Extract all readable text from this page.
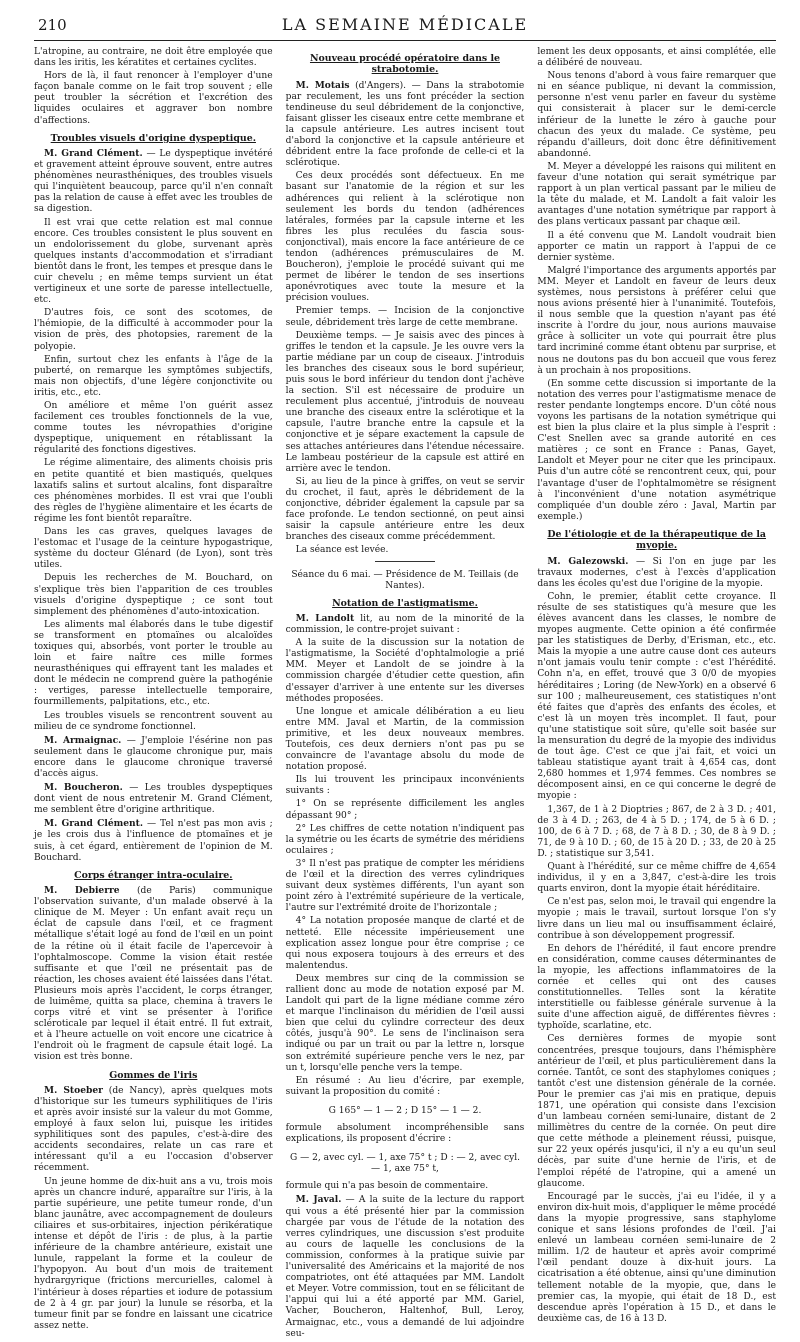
210	LA SEMAINE MÉDICALE

L'atropine, au contraire, ne doit être employée que dans les iritis, les kératites et certaines cyclites.

Hors de là, il faut renoncer à l'employer d'une façon banale comme on le fait trop souvent ; elle peut troubler la sécrétion et l'excrétion des liquides oculaires et aggraver bon nombre d'affections.

Troubles visuels d'origine dyspeptique.

M. Grand Clément. — Le dyspeptique invétéré et gravement atteint éprouve souvent, entre autres phénomènes neurasthéniques, des troubles visuels qui l'inquiètent beaucoup, parce qu'il n'en connaît pas la relation de cause à effet avec les troubles de sa digestion.

Il est vrai que cette relation est mal connue encore. Ces troubles consistent le plus souvent en un endolorissement du globe, survenant après quelques instants d'accommodation et s'irradiant bientôt dans le front, les tempes et presque dans le cuir chevelu ; en même temps survient un état vertigineux et une sorte de paresse intellectuelle, etc.

D'autres fois, ce sont des scotomes, de l'hémiopie, de la difficulté à accommoder pour la vision de près, des photopsies, rarement de la polyopie.

Enfin, surtout chez les enfants à l'âge de la puberté, on remarque les symptômes subjectifs, mais non objectifs, d'une légère conjonctivite ou iritis, etc., etc.

On améliore et même l'on guérit assez facilement ces troubles fonctionnels de la vue, comme toutes les névropathies d'origine dyspeptique, uniquement en rétablissant la régularité des fonctions digestives.

Le régime alimentaire, des aliments choisis pris en petite quantité et bien mastiqués, quelques laxatifs salins et surtout alcalins, font disparaître ces phénomènes morbides. Il est vrai que l'oubli des règles de l'hygiène alimentaire et les écarts de régime les font bientôt reparaître.

Dans les cas graves, quelques lavages de l'estomac et l'usage de la ceinture hypogastrique, système du docteur Glénard (de Lyon), sont très utiles.

Depuis les recherches de M. Bouchard, on s'explique très bien l'apparition de ces troubles visuels d'origine dyspeptique ; ce sont tout simplement des phénomènes d'auto-intoxication.

Les aliments mal élaborés dans le tube digestif se transforment en ptomaïnes ou alcaloïdes toxiques qui, absorbés, vont porter le trouble au loin et faire naître ces mille formes neurasthéniques qui effrayent tant les malades et dont le médecin ne comprend guère la pathogénie : vertiges, paresse intellectuelle temporaire, fourmillements, palpitations, etc., etc.

Les troubles visuels se rencontrent souvent au milieu de ce syndrome fonctionnel.

M. Armaignac. — J'emploie l'ésérine non pas seulement dans le glaucome chronique pur, mais encore dans le glaucome chronique traversé d'accès aigus.

M. Boucheron. — Les troubles dyspeptiques dont vient de nous entretenir M. Grand Clément, me semblent être d'origine arthritique.

M. Grand Clément. — Tel n'est pas mon avis ; je les crois dus à l'influence de ptomaïnes et je suis, à cet égard, entièrement de l'opinion de M. Bouchard.

Corps étranger intra-oculaire.

M. Debierre (de Paris) communique l'observation suivante, d'un malade observé à la clinique de M. Meyer : Un enfant avait reçu un éclat de capsule dans l'œil, et ce fragment métallique s'était logé au fond de l'œil en un point de la rétine où il était facile de l'apercevoir à l'ophtalmoscope. Comme la vision était restée suffisante et que l'œil ne présentait pas de réaction, les choses avaient été laissées dans l'état. Plusieurs mois après l'accident, le corps étranger, de luimême, quitta sa place, chemina à travers le corps vitré et vint se présenter à l'orifice scléroticale par lequel il était entré. Il fut extrait, et à l'heure actuelle on voit encore une cicatrice à l'endroit où le fragment de capsule était logé. La vision est très bonne.

Gommes de l'iris

M. Stoeber (de Nancy), après quelques mots d'historique sur les tumeurs syphilitiques de l'iris et après avoir insisté sur la valeur du mot Gomme, employé à faux selon lui, puisque les iritides syphilitiques sont des papules, c'est-à-dire des accidents secondaires, relate un cas rare et intéressant qu'il a eu l'occasion d'observer récemment.

Un jeune homme de dix-huit ans a vu, trois mois après un chancre induré, apparaître sur l'iris, à la partie supérieure, une petite tumeur ronde, d'un blanc jaunâtre, avec accompagnement de douleurs ciliaires et sus-orbitaires, injection périkératique intense et dépôt de l'iris : de plus, à la partie inférieure de la chambre antérieure, existait une lunule, rappelant la forme et la couleur de l'hypopyon. Au bout d'un mois de traitement hydrargyrique (frictions mercurielles, calomel à l'intérieur à doses réparties et iodure de potassium de 2 à 4 gr. par jour) la lunule se résorba, et la tumeur finit par se fondre en laissant une cicatrice assez nette.

Nouveau procédé opératoire dans le strabotomie.

M. Motais (d'Angers). — Dans la strabotomie par reculement, les uns font précéder la section tendineuse du seul débridement de la conjonctive, faisant glisser les ciseaux entre cette membrane et la capsule antérieure. Les autres incisent tout d'abord la conjonctive et la capsule antérieure et débrident entre la face profonde de celle-ci et la sclérotique.

Ces deux procédés sont défectueux. En me basant sur l'anatomie de la région et sur les adhérences qui relient à la sclérotique non seulement les bords du tendon (adhérences latérales, formées par la capsule interne et les fibres les plus reculées du fascia sous-conjonctival), mais encore la face antérieure de ce tendon (adhérences prémusculaires de M. Boucheron), j'emploie le procédé suivant qui me permet de libérer le tendon de ses insertions aponévrotiques avec toute la mesure et la précision voulues.

Premier temps. — Incision de la conjonctive seule, débridement très large de cette membrane.

Deuxième temps. — Je saisis avec des pinces à griffes le tendon et la capsule. Je les ouvre vers la partie médiane par un coup de ciseaux. J'introduis les branches des ciseaux sous le bord supérieur, puis sous le bord inférieur du tendon dont j'achève la section. S'il est nécessaire de produire un reculement plus accentué, j'introduis de nouveau une branche des ciseaux entre la sclérotique et la capsule, l'autre branche entre la capsule et la conjonctive et je sépare exactement la capsule de ses attaches antérieures dans l'étendue nécessaire. Le lambeau postérieur de la capsule est attiré en arrière avec le tendon.

Si, au lieu de la pince à griffes, on veut se servir du crochet, il faut, après le débridement de la conjonctive, débrider également la capsule par sa face profonde. Le tendon sectionné, on peut ainsi saisir la capsule antérieure entre les deux branches des ciseaux comme précédemment.

La séance est levée.

Séance du 6 mai. — Présidence de M. Teillais (de Nantes).

Notation de l'astigmatisme.

M. Landolt lit, au nom de la minorité de la commission, le contre-projet suivant :

A la suite de la discussion sur la notation de l'astigmatisme, la Société d'ophtalmologie a prié MM. Meyer et Landolt de se joindre à la commission chargée d'étudier cette question, afin d'essayer d'arriver à une entente sur les diverses méthodes proposées.

Une longue et amicale délibération a eu lieu entre MM. Javal et Martin, de la commission primitive, et les deux nouveaux membres. Toutefois, ces deux derniers n'ont pas pu se convaincre de l'avantage absolu du mode de notation proposé.

Ils lui trouvent les principaux inconvénients suivants :

1° On se représente difficilement les angles dépassant 90° ;

2° Les chiffres de cette notation n'indiquent pas la symétrie ou les écarts de symétrie des méridiens oculaires ;

3° Il n'est pas pratique de compter les méridiens de l'œil et la direction des verres cylindriques suivant deux systèmes différents, l'un ayant son point zéro à l'extrémité supérieure de la verticale, l'autre sur l'extrémité droite de l'horizontale ;

4° La notation proposée manque de clarté et de netteté. Elle nécessite impérieusement une explication assez longue pour être comprise ; ce qui nous exposera toujours à des erreurs et des malentendus.

Deux membres sur cinq de la commission se rallient donc au mode de notation exposé par M. Landolt qui part de la ligne médiane comme zéro et marque l'inclinaison du méridien de l'œil aussi bien que celui du cylindre correcteur des deux côtés, jusqu'à 90°. Le sens de l'inclinaison sera indiqué ou par un trait ou par la lettre n, lorsque son extrémité supérieure penche vers le nez, par un t, lorsqu'elle penche vers la tempe.

En résumé : Au lieu d'écrire, par exemple, suivant la proposition du comité :

G 165° — 1 — 2 ; D 15° — 1 — 2.

formule absolument incompréhensible sans explications, ils proposent d'écrire :

G — 2, avec cyl. — 1, axe 75° t ; D : — 2, avec cyl. — 1, axe 75° t,

formule qui n'a pas besoin de commentaire.

M. Javal. — A la suite de la lecture du rapport qui vous a été présenté hier par la commission chargée par vous de l'étude de la notation des verres cylindriques, une discussion s'est produite au cours de laquelle les conclusions de la commission, conformes à la pratique suivie par l'universalité des Américains et la majorité de nos compatriotes, ont été attaquées par MM. Landolt et Meyer. Votre commission, tout en se félicitant de l'appui qui lui a été apporté par MM. Gariel, Vacher, Boucheron, Haltenhof, Bull, Leroy, Armaignac, etc., vous a demandé de lui adjoindre seu-

lement les deux opposants, et ainsi complétée, elle a délibéré de nouveau.

Nous tenons d'abord à vous faire remarquer que ni en séance publique, ni devant la commission, personne n'est venu parler en faveur du système qui consisterait à placer sur le demi-cercle inférieur de la lunette le zéro à gauche pour chacun des yeux du malade. Ce système, peu répandu d'ailleurs, doit donc être définitivement abandonné.

M. Meyer a développé les raisons qui militent en faveur d'une notation qui serait symétrique par rapport à un plan vertical passant par le milieu de la tête du malade, et M. Landolt a fait valoir les avantages d'une notation symétrique par rapport à des plans verticaux passant par chaque œil.

Il a été convenu que M. Landolt voudrait bien apporter ce matin un rapport à l'appui de ce dernier système.

Malgré l'importance des arguments apportés par MM. Meyer et Landolt en faveur de leurs deux systèmes, nous persistons à préférer celui que nous avions présenté hier à l'unanimité. Toutefois, il nous semble que la question n'ayant pas été inscrite à l'ordre du jour, nous aurions mauvaise grâce à solliciter un vote qui pourrait être plus tard incriminé comme étant obtenu par surprise, et nous ne doutons pas du bon accueil que vous ferez à un prochain à nos propositions.

(En somme cette discussion si importante de la notation des verres pour l'astigmatisme menace de rester pendante longtemps encore. D'un côté nous voyons les partisans de la notation symétrique qui est bien la plus claire et la plus simple à l'esprit : C'est Snellen avec sa grande autorité en ces matières ; ce sont en France : Panas, Gayet, Landolt et Meyer pour ne citer que les principaux. Puis d'un autre côté se rencontrent ceux, qui, pour l'avantage d'user de l'ophtalmomètre se résignent à l'inconvénient d'une notation asymétrique compliquée d'un double zéro : Javal, Martin par exemple.)

De l'étiologie et de la thérapeutique de la myopie.

M. Galezowski. — Si l'on en juge par les travaux modernes, c'est à l'excès d'application dans les écoles qu'est due l'origine de la myopie.

Cohn, le premier, établit cette croyance. Il résulte de ses statistiques qu'à mesure que les élèves avancent dans les classes, le nombre de myopes augmente. Cette opinion a été confirmée par les statistiques de Derby, d'Erisman, etc., etc. Mais la myopie a une autre cause dont ces auteurs n'ont jamais voulu tenir compte : c'est l'hérédité. Cohn n'a, en effet, trouvé que 3 0/0 de myopies héréditaires ; Loring (de New-York) en a observé 6 sur 100 ; malheureusement, ces statistiques n'ont été faites que d'après des enfants des écoles, et c'est là un moyen très incomplet. Il faut, pour qu'une statistique soit sûre, qu'elle soit basée sur la mensuration du degré de la myopie des individus de tout âge. C'est ce que j'ai fait, et voici un tableau statistique ayant trait à 4,654 cas, dont 2,680 hommes et 1,974 femmes. Ces nombres se décomposent ainsi, en ce qui concerne le degré de myopie :

1,367, de 1 à 2 Dioptries ; 867, de 2 à 3 D. ; 401, de 3 à 4 D. ; 263, de 4 à 5 D. ; 174, de 5 à 6 D. ; 100, de 6 à 7 D. ; 68, de 7 à 8 D. ; 30, de 8 à 9 D. ; 71, de 9 à 10 D. ; 60, de 15 à 20 D. ; 33, de 20 à 25 D. ; statistique sur 3,541.

Quant à l'hérédité, sur ce même chiffre de 4,654 individus, il y en a 3,847, c'est-à-dire les trois quarts environ, dont la myopie était héréditaire.

Ce n'est pas, selon moi, le travail qui engendre la myopie ; mais le travail, surtout lorsque l'on s'y livre dans un lieu mal ou insuffisamment éclairé, contribue à son développement progressif.

En dehors de l'hérédité, il faut encore prendre en considération, comme causes déterminantes de la myopie, les affections inflammatoires de la cornée et celles qui ont des causes constitutionnelles. Telles sont la kératite interstitielle ou faiblesse générale survenue à la suite d'une affection aiguë, de différentes fièvres : typhoïde, scarlatine, etc.

Ces dernières formes de myopie sont concentrées, presque toujours, dans l'hémisphère antérieur de l'œil, et plus particulièrement dans la cornée. Tantôt, ce sont des staphylomes coniques ; tantôt c'est une distension générale de la cornée. Pour le premier cas j'ai mis en pratique, depuis 1871, une opération qui consiste dans l'excision d'un lambeau cornéen semi-lunaire, distant de 2 millimètres du centre de la cornée. On peut dire que cette méthode a pleinement réussi, puisque, sur 22 yeux opérés jusqu'ici, il n'y a eu qu'un seul décès, par suite d'une hernie de l'iris, et de l'emploi répété de l'atropine, qui a amené un glaucome.

Encouragé par le succès, j'ai eu l'idée, il y a environ dix-huit mois, d'appliquer le même procédé dans la myopie progressive, sans staphylome conique et sans lésions profondes de l'œil. J'ai enlevé un lambeau cornéen semi-lunaire de 2 millim. 1/2 de hauteur et après avoir comprimé l'œil pendant douze à dix-huit jours. La cicatrisation a été obtenue, ainsi qu'une diminution tellement notable de la myopie, que, dans le premier cas, la myopie, qui était de 18 D., est descendue après l'opération à 15 D., et dans le deuxième cas, de 16 à 13 D.
